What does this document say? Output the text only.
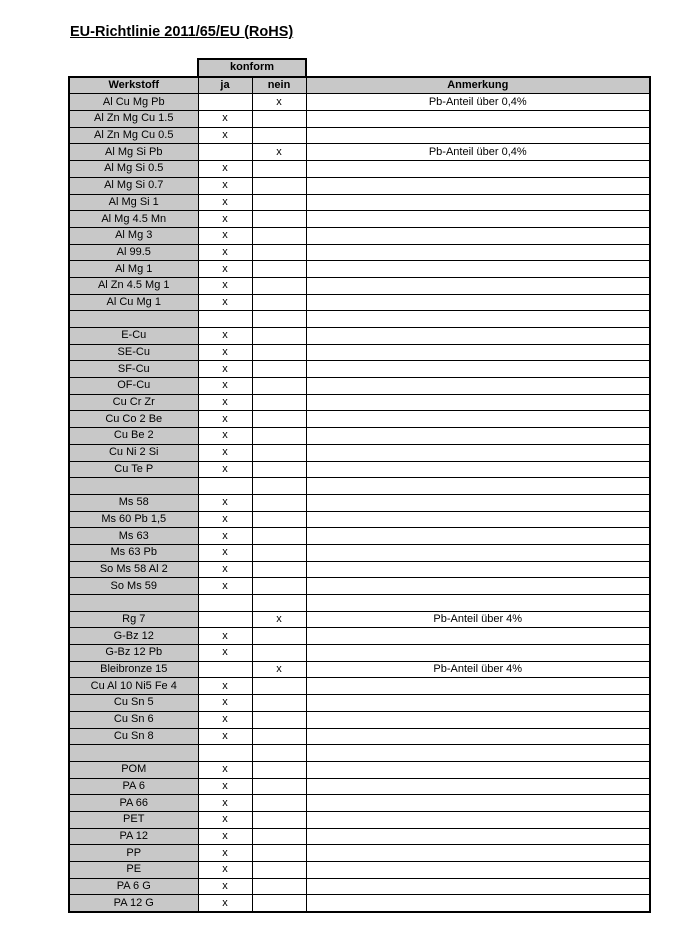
EU-Richtlinie 2011/65/EU (RoHS)
	konform		
Werkstoff	ja	nein	Anmerkung
Al Cu Mg Pb		x	Pb-Anteil über 0,4%
Al Zn Mg Cu 1.5	x		
Al Zn Mg Cu 0.5	x		
Al Mg Si Pb		x	Pb-Anteil über 0,4%
Al Mg Si 0.5	x		
Al Mg Si 0.7	x		
Al Mg Si 1	x		
Al Mg 4.5 Mn	x		
Al Mg 3	x		
Al 99.5	x		
Al Mg 1	x		
Al Zn 4.5 Mg 1	x		
Al Cu Mg 1	x		

E-Cu	x		
SE-Cu	x		
SF-Cu	x		
OF-Cu	x		
Cu Cr Zr	x		
Cu Co 2 Be	x		
Cu Be 2	x		
Cu Ni 2 Si	x		
Cu Te P	x		

Ms 58	x		
Ms 60 Pb 1,5	x		
Ms 63	x		
Ms 63 Pb	x		
So Ms 58 Al 2	x		
So Ms 59	x		

Rg 7		x	Pb-Anteil über 4%
G-Bz 12	x		
G-Bz 12 Pb	x		
Bleibronze 15		x	Pb-Anteil über 4%
Cu Al 10 Ni5 Fe 4	x		
Cu Sn 5	x		
Cu Sn 6	x		
Cu Sn 8	x		

POM	x		
PA 6	x		
PA 66	x		
PET	x		
PA 12	x		
PP	x		
PE	x		
PA 6 G	x		
PA 12 G	x		
